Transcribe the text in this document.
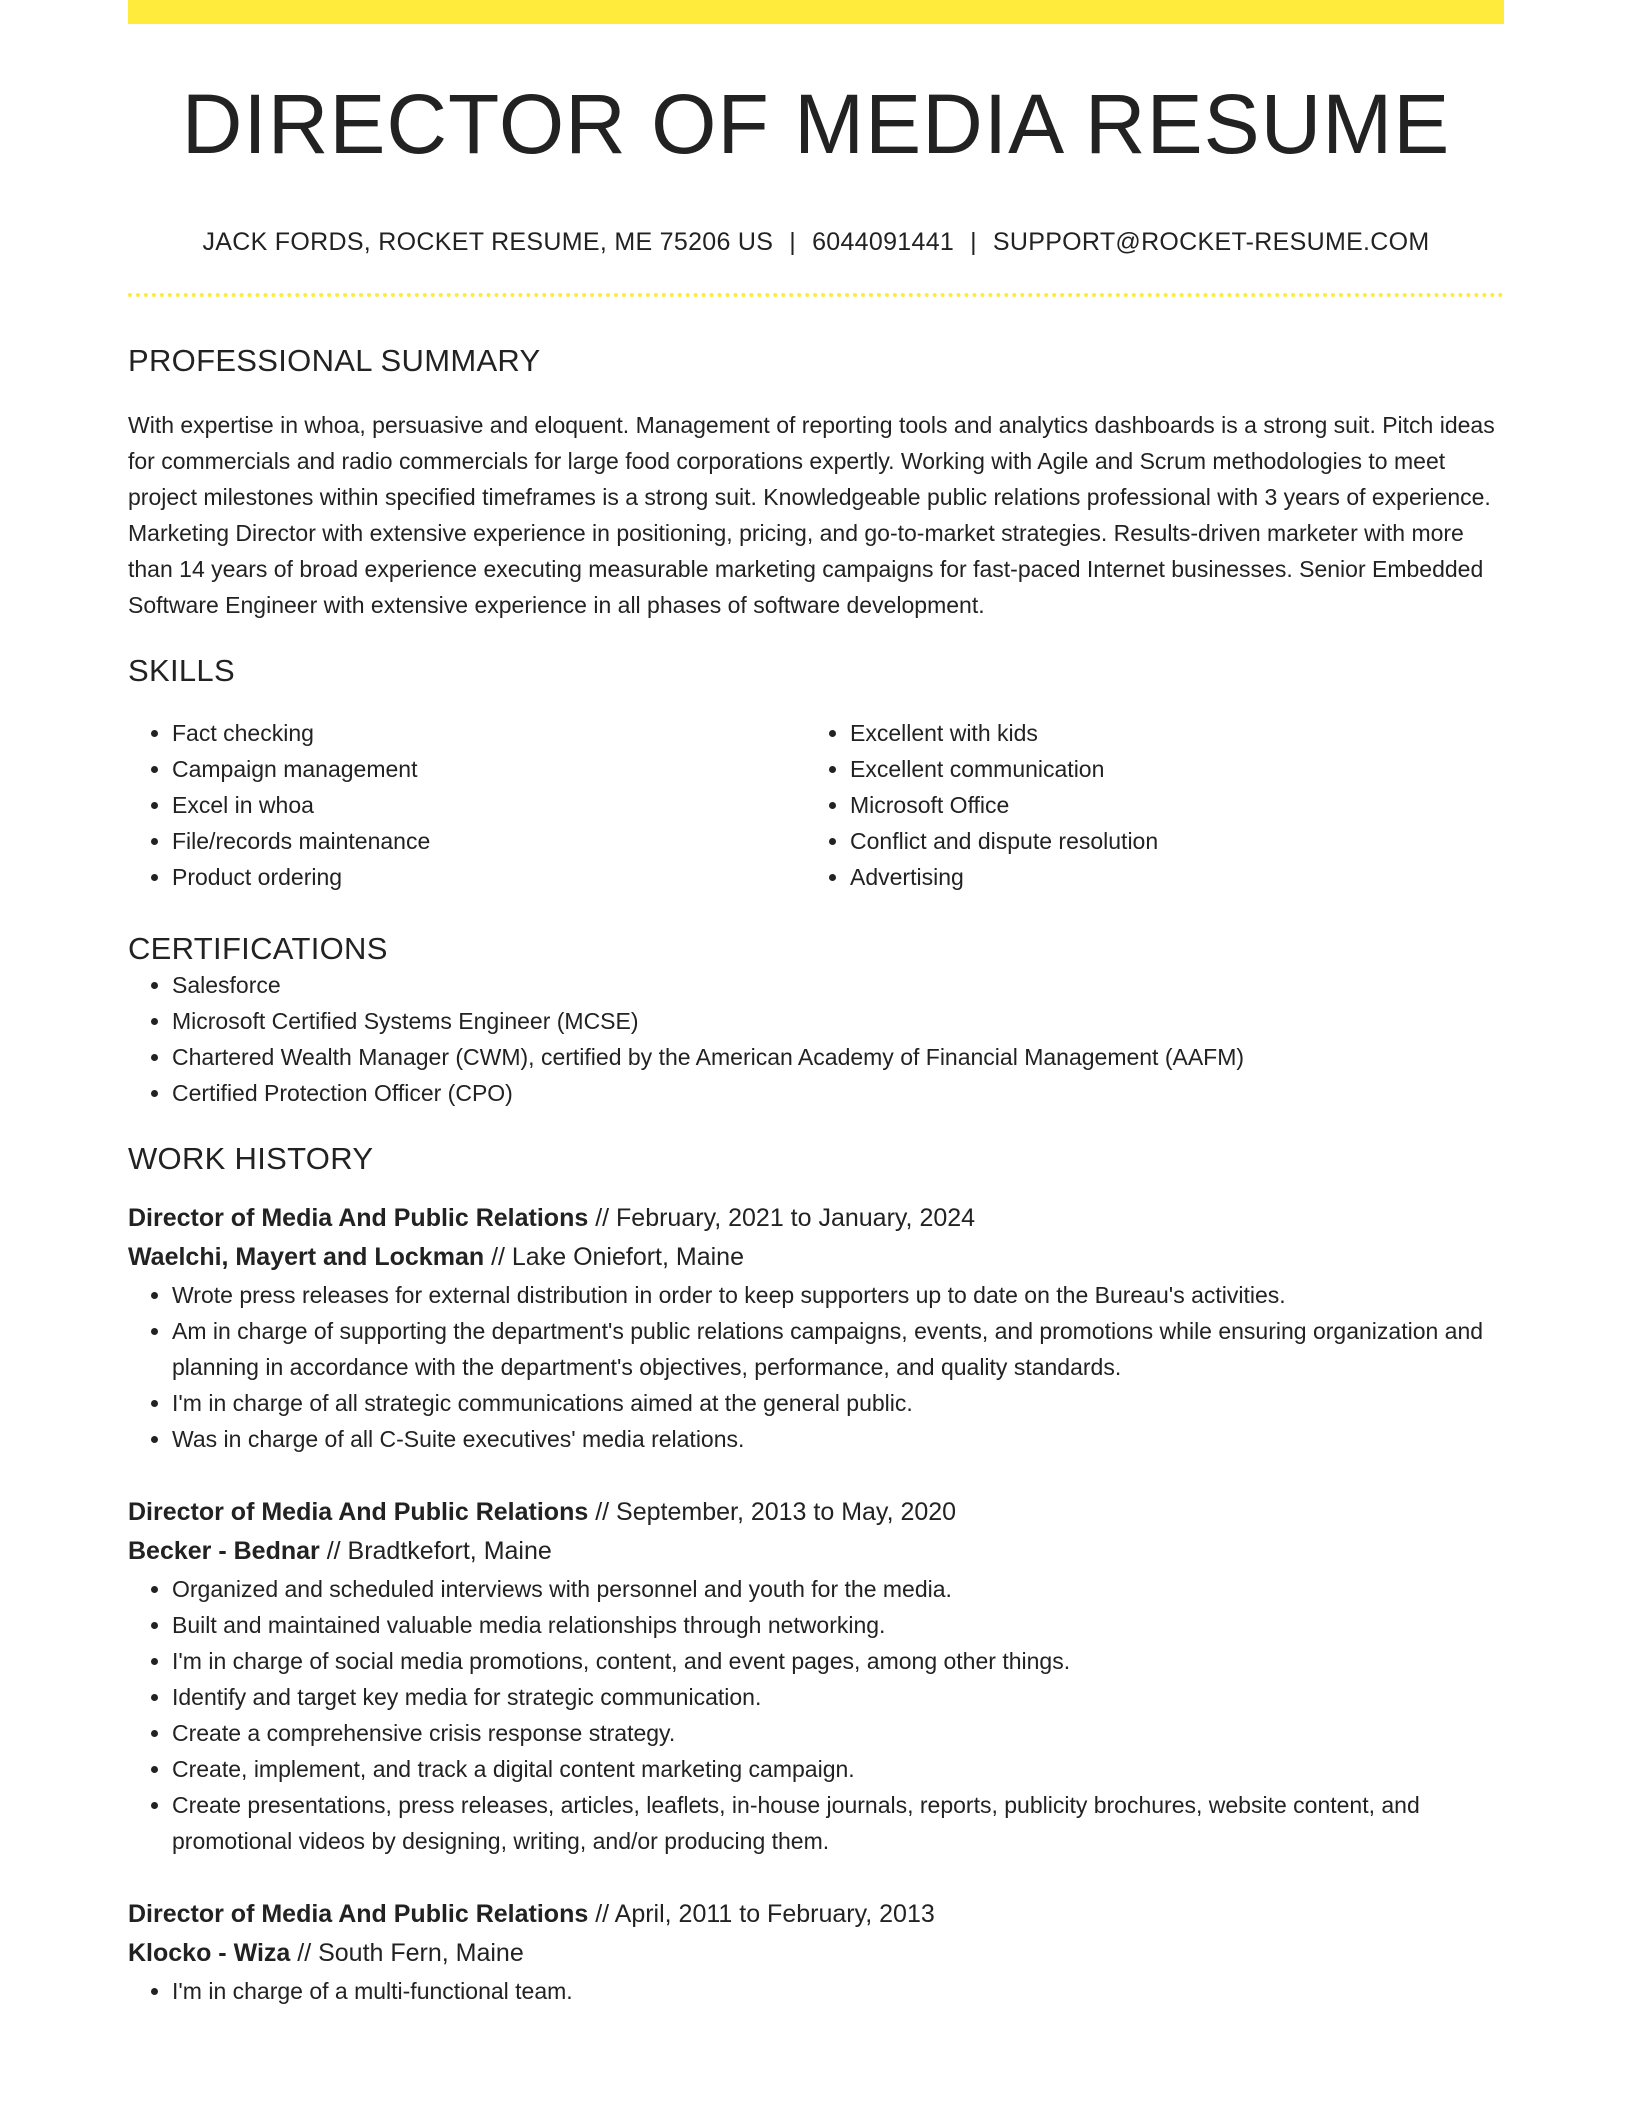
DIRECTOR OF MEDIA RESUME
JACK FORDS, ROCKET RESUME, ME 75206 US | 6044091441 | SUPPORT@ROCKET-RESUME.COM
PROFESSIONAL SUMMARY

With expertise in whoa, persuasive and eloquent. Management of reporting tools and analytics dashboards is a strong suit. Pitch ideas for commercials and radio commercials for large food corporations expertly. Working with Agile and Scrum methodologies to meet project milestones within specified timeframes is a strong suit. Knowledgeable public relations professional with 3 years of experience. Marketing Director with extensive experience in positioning, pricing, and go-to-market strategies. Results-driven marketer with more than 14 years of broad experience executing measurable marketing campaigns for fast-paced Internet businesses. Senior Embedded Software Engineer with extensive experience in all phases of software development.

SKILLS
• Fact checking
• Campaign management
• Excel in whoa
• File/records maintenance
• Product ordering
• Excellent with kids
• Excellent communication
• Microsoft Office
• Conflict and dispute resolution
• Advertising
CERTIFICATIONS
• Salesforce
• Microsoft Certified Systems Engineer (MCSE)
• Chartered Wealth Manager (CWM), certified by the American Academy of Financial Management (AAFM)
• Certified Protection Officer (CPO)
WORK HISTORY
Director of Media And Public Relations // February, 2021 to January, 2024
Waelchi, Mayert and Lockman // Lake Oniefort, Maine
• Wrote press releases for external distribution in order to keep supporters up to date on the Bureau's activities.
• Am in charge of supporting the department's public relations campaigns, events, and promotions while ensuring organization and planning in accordance with the department's objectives, performance, and quality standards.
• I'm in charge of all strategic communications aimed at the general public.
• Was in charge of all C-Suite executives' media relations.
Director of Media And Public Relations // September, 2013 to May, 2020
Becker - Bednar // Bradtkefort, Maine
• Organized and scheduled interviews with personnel and youth for the media.
• Built and maintained valuable media relationships through networking.
• I'm in charge of social media promotions, content, and event pages, among other things.
• Identify and target key media for strategic communication.
• Create a comprehensive crisis response strategy.
• Create, implement, and track a digital content marketing campaign.
• Create presentations, press releases, articles, leaflets, in-house journals, reports, publicity brochures, website content, and promotional videos by designing, writing, and/or producing them.
Director of Media And Public Relations // April, 2011 to February, 2013
Klocko - Wiza // South Fern, Maine
• I'm in charge of a multi-functional team.
